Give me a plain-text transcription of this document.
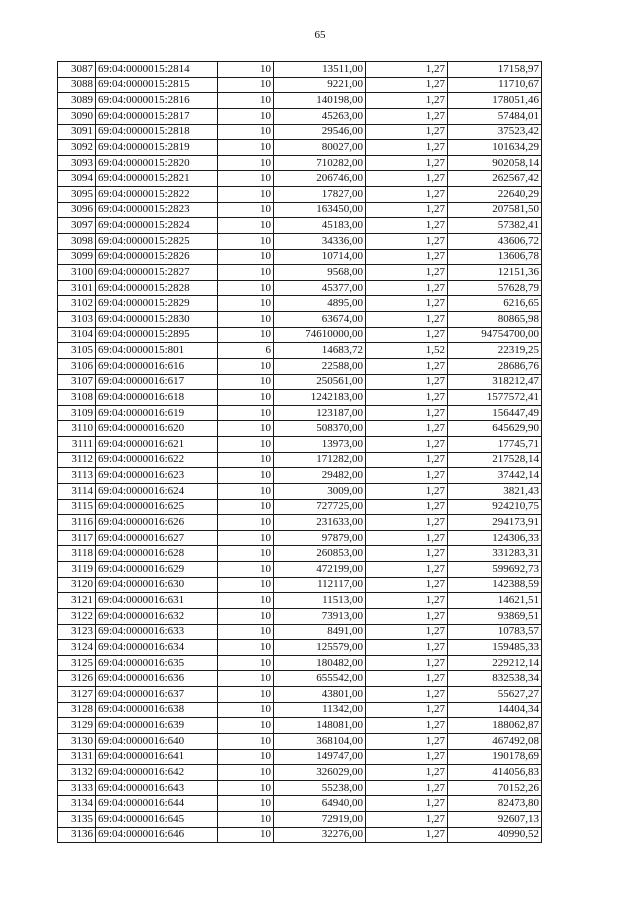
65
3087	69:04:0000015:2814	10	13511,00	1,27	17158,97
3088	69:04:0000015:2815	10	9221,00	1,27	11710,67
3089	69:04:0000015:2816	10	140198,00	1,27	178051,46
3090	69:04:0000015:2817	10	45263,00	1,27	57484,01
3091	69:04:0000015:2818	10	29546,00	1,27	37523,42
3092	69:04:0000015:2819	10	80027,00	1,27	101634,29
3093	69:04:0000015:2820	10	710282,00	1,27	902058,14
3094	69:04:0000015:2821	10	206746,00	1,27	262567,42
3095	69:04:0000015:2822	10	17827,00	1,27	22640,29
3096	69:04:0000015:2823	10	163450,00	1,27	207581,50
3097	69:04:0000015:2824	10	45183,00	1,27	57382,41
3098	69:04:0000015:2825	10	34336,00	1,27	43606,72
3099	69:04:0000015:2826	10	10714,00	1,27	13606,78
3100	69:04:0000015:2827	10	9568,00	1,27	12151,36
3101	69:04:0000015:2828	10	45377,00	1,27	57628,79
3102	69:04:0000015:2829	10	4895,00	1,27	6216,65
3103	69:04:0000015:2830	10	63674,00	1,27	80865,98
3104	69:04:0000015:2895	10	74610000,00	1,27	94754700,00
3105	69:04:0000015:801	6	14683,72	1,52	22319,25
3106	69:04:0000016:616	10	22588,00	1,27	28686,76
3107	69:04:0000016:617	10	250561,00	1,27	318212,47
3108	69:04:0000016:618	10	1242183,00	1,27	1577572,41
3109	69:04:0000016:619	10	123187,00	1,27	156447,49
3110	69:04:0000016:620	10	508370,00	1,27	645629,90
3111	69:04:0000016:621	10	13973,00	1,27	17745,71
3112	69:04:0000016:622	10	171282,00	1,27	217528,14
3113	69:04:0000016:623	10	29482,00	1,27	37442,14
3114	69:04:0000016:624	10	3009,00	1,27	3821,43
3115	69:04:0000016:625	10	727725,00	1,27	924210,75
3116	69:04:0000016:626	10	231633,00	1,27	294173,91
3117	69:04:0000016:627	10	97879,00	1,27	124306,33
3118	69:04:0000016:628	10	260853,00	1,27	331283,31
3119	69:04:0000016:629	10	472199,00	1,27	599692,73
3120	69:04:0000016:630	10	112117,00	1,27	142388,59
3121	69:04:0000016:631	10	11513,00	1,27	14621,51
3122	69:04:0000016:632	10	73913,00	1,27	93869,51
3123	69:04:0000016:633	10	8491,00	1,27	10783,57
3124	69:04:0000016:634	10	125579,00	1,27	159485,33
3125	69:04:0000016:635	10	180482,00	1,27	229212,14
3126	69:04:0000016:636	10	655542,00	1,27	832538,34
3127	69:04:0000016:637	10	43801,00	1,27	55627,27
3128	69:04:0000016:638	10	11342,00	1,27	14404,34
3129	69:04:0000016:639	10	148081,00	1,27	188062,87
3130	69:04:0000016:640	10	368104,00	1,27	467492,08
3131	69:04:0000016:641	10	149747,00	1,27	190178,69
3132	69:04:0000016:642	10	326029,00	1,27	414056,83
3133	69:04:0000016:643	10	55238,00	1,27	70152,26
3134	69:04:0000016:644	10	64940,00	1,27	82473,80
3135	69:04:0000016:645	10	72919,00	1,27	92607,13
3136	69:04:0000016:646	10	32276,00	1,27	40990,52
